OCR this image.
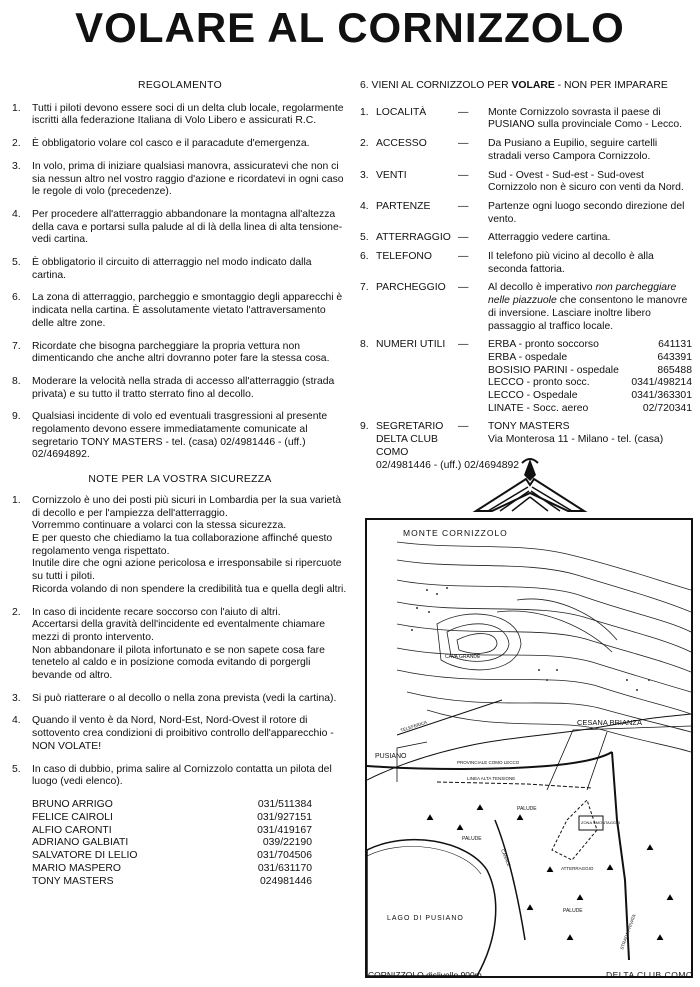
VOLARE AL CORNIZZOLO
REGOLAMENTO
1.	Tutti i piloti devono essere soci di un delta club locale, regolarmente iscritti alla federazione Italiana di Volo Libero e assicurati R.C.
2.	È obbligatorio volare col casco e il paracadute d'emergenza.
3.	In volo, prima di iniziare qualsiasi manovra, assicuratevi che non ci sia nessun altro nel vostro raggio d'azione e ricordatevi in ogni caso le regole di volo (precedenze).
4.	Per procedere all'atterraggio abbandonare la montagna all'altezza della cava e portarsi sulla palude al di là della linea di alta tensione-vedi cartina.
5.	È obbligatorio il circuito di atterraggio nel modo indicato dalla cartina.
6.	La zona di atterraggio, parcheggio e smontaggio degli apparecchi è indicata nella cartina. È assolutamente vietato l'attraversamento delle altre zone.
7.	Ricordate che bisogna parcheggiare la propria vettura non dimenticando che anche altri dovranno poter fare la stessa cosa.
8.	Moderare la velocità nella strada di accesso all'atterraggio (strada privata) e su tutto il tratto sterrato fino al decollo.
9.	Qualsiasi incidente di volo ed eventuali trasgressioni al presente regolamento devono essere immediatamente comunicate al segretario TONY MASTERS - tel. (casa) 02/4981446 - (uff.) 02/4694892.
NOTE PER LA VOSTRA SICUREZZA
1.	Cornizzolo è uno dei posti più sicuri in Lombardia per la sua varietà di decollo e per l'ampiezza dell'atterraggio.

Vorremmo continuare a volarci con la stessa sicurezza.

E per questo che chiediamo la tua collaborazione affinché questo regolamento venga rispettato.

Inutile dire che ogni azione pericolosa e irresponsabile si ripercuote su tutti i piloti.

Ricorda volando di non spendere la credibilità tua e quella degli altri.

2.	In caso di incidente recare soccorso con l'aiuto di altri.

Accertarsi della gravità dell'incidente ed eventalmente chiamare mezzi di pronto intervento.

Non abbandonare il pilota infortunato e se non sapete cosa fare tenetelo al caldo e in posizione comoda evitando di porgergli bevande od altro.

3.	Si può riatterare o al decollo o nella zona prevista (vedi la cartina).

4.	Quando il vento è da Nord, Nord-Est, Nord-Ovest il rotore di sottovento crea condizioni di proibitivo controllo dell'apparecchio - NON VOLATE!

5.	In caso di dubbio, prima salire al Cornizzolo contatta un pilota del luogo (vedi elenco).

BRUNO ARRIGO	031/511384
FELICE CAIROLI	031/927151
ALFIO CARONTI	031/419167
ADRIANO GALBIATI	039/22190
SALVATORE DI LELIO	031/704506
MARIO MASPERO	031/631170
TONY MASTERS	024981446
6. VIENI AL CORNIZZOLO PER VOLARE - NON PER IMPARARE
1. LOCALITÀ	—	Monte Cornizzolo sovrasta il paese di PUSIANO sulla provinciale Como - Lecco.
2. ACCESSO	—	Da Pusiano a Eupilio, seguire cartelli stradali verso Campora Cornizzolo.
3. VENTI	—	Sud - Ovest - Sud-est - Sud-ovest Cornizzolo non è sicuro con venti da Nord.
4. PARTENZE	—	Partenze ogni luogo secondo direzione del vento.
5. ATTERRAGGIO —	Atterraggio vedere cartina.
6. TELEFONO	—	Il telefono più vicino al decollo è alla seconda fattoria.
7. PARCHEGGIO	—	Al decollo è imperativo non parcheggiare nelle piazzuole che consentono le manovre di inversione. Lasciare inoltre libero passaggio al traffico locale.
8. NUMERI UTILI	—	ERBA - pronto soccorso	641131
ERBA - ospedale	643391
BOSISIO PARINI - ospedale	865488
LECCO - pronto socc.	0341/498214
LECCO - Ospedale	0341/363301
LINATE - Socc. aereo	02/720341
9. SEGRETARIO
DELTA CLUB
COMO
—	TONY MASTERS
Via Monterosa 11 - Milano - tel. (casa)
02/4981446 - (uff.) 02/4694892
MONTE CORNIZZOLO
CAVA GRANDE
CESANA BRIANZA
PUSIANO
PROVINCIALE COMO LECCO
LINEA ALTA TENSIONE
PALUDE
PALUDE
PALUDE
ZONA SMONTAGGIO
ATTERRAGGIO
LAGO DI PUSIANO
CANALE
TELEFERICA
STRADA PRIVATA
CORNIZZOLO dislivello 900m.	DELTA CLUB COMO
